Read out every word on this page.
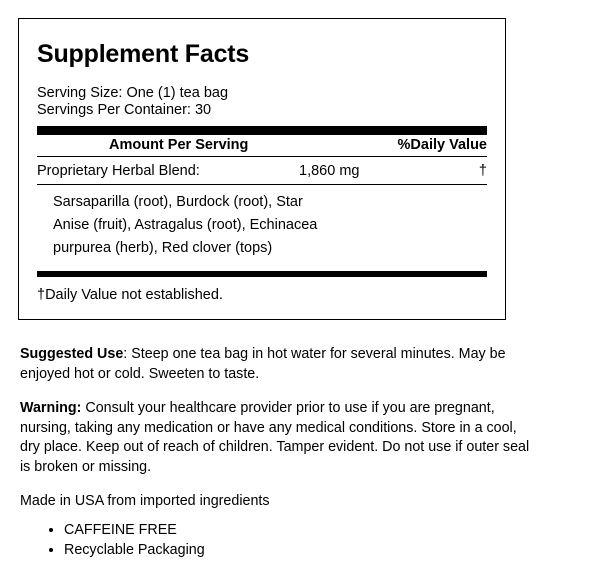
Supplement Facts
Serving Size: One (1) tea bag
Servings Per Container: 30
Amount Per Serving	%Daily Value
Proprietary Herbal Blend:	1,860 mg	†
Sarsaparilla (root), Burdock (root), Star
Anise (fruit), Astragalus (root), Echinacea
purpurea (herb), Red clover (tops)
†Daily Value not established.

Suggested Use: Steep one tea bag in hot water for several minutes. May be enjoyed hot or cold. Sweeten to taste.

Warning: Consult your healthcare provider prior to use if you are pregnant, nursing, taking any medication or have any medical conditions. Store in a cool, dry place. Keep out of reach of children. Tamper evident. Do not use if outer seal is broken or missing.

Made in USA from imported ingredients

• CAFFEINE FREE
• Recyclable Packaging
